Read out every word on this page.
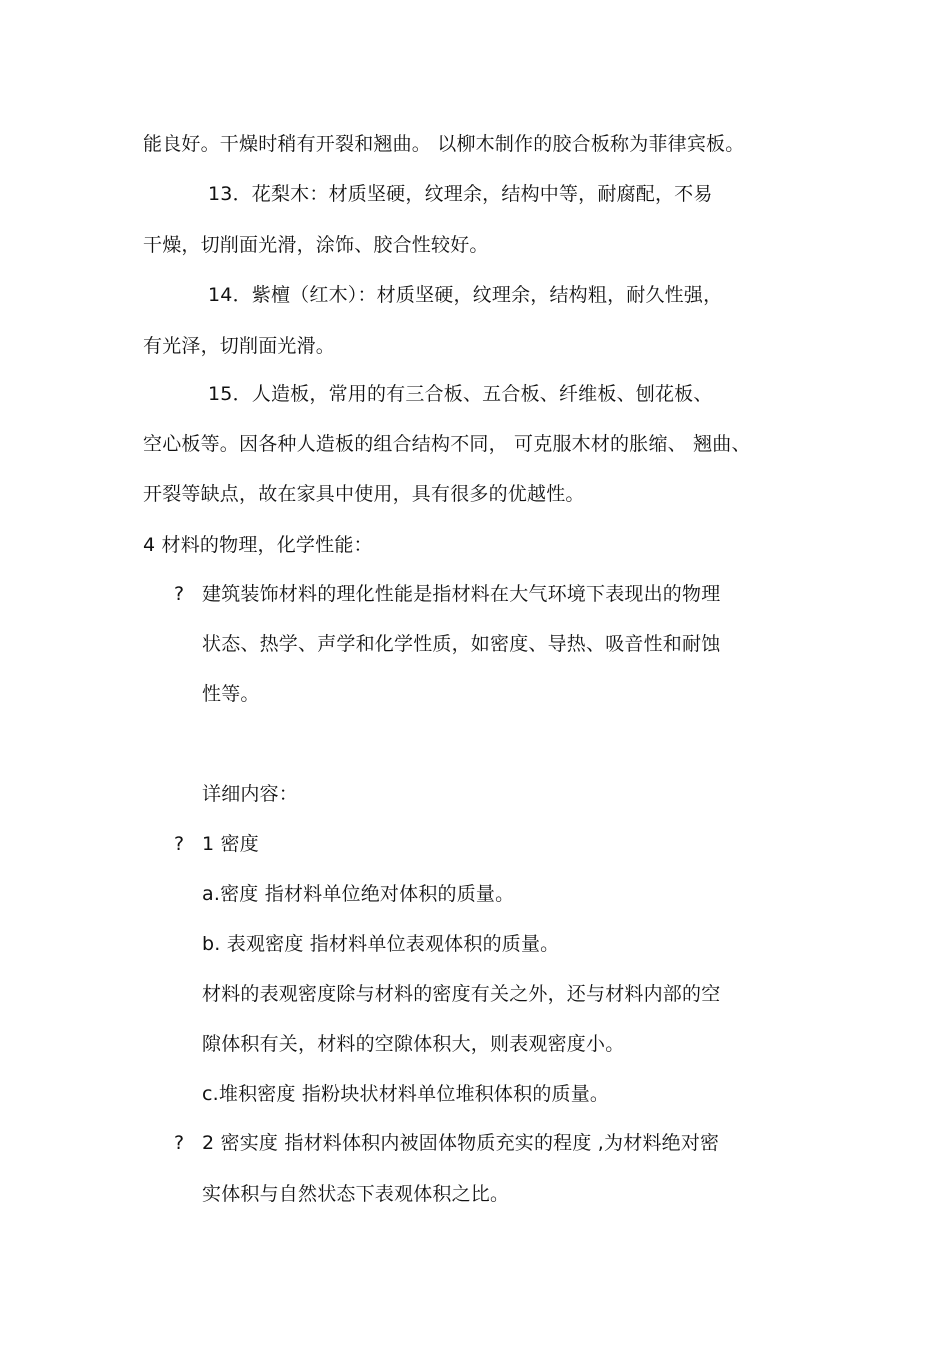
能良好。干燥时稍有开裂和翘曲。 以柳木制作的胶合板称为菲律宾板。
13．花梨木：材质坚硬，纹理余，结构中等，耐腐配，不易
干燥，切削面光滑，涂饰、胶合性较好。
14．紫檀（红木）：材质坚硬，纹理余，结构粗，耐久性强，
有光泽，切削面光滑。
15．人造板，常用的有三合板、五合板、纤维板、刨花板、
空心板等。因各种人造板的组合结构不同， 可克服木材的胀缩、 翘曲、
开裂等缺点，故在家具中使用，具有很多的优越性。
4 材料的物理，化学性能：
? 建筑装饰材料的理化性能是指材料在大气环境下表现出的物理
状态、热学、声学和化学性质，如密度、导热、吸音性和耐蚀
性等。
详细内容：
? 1 密度
a.密度 指材料单位绝对体积的质量。
b. 表观密度 指材料单位表观体积的质量。
材料的表观密度除与材料的密度有关之外，还与材料内部的空
隙体积有关，材料的空隙体积大，则表观密度小。
c.堆积密度 指粉块状材料单位堆积体积的质量。
? 2 密实度 指材料体积内被固体物质充实的程度 ,为材料绝对密
实体积与自然状态下表观体积之比。
